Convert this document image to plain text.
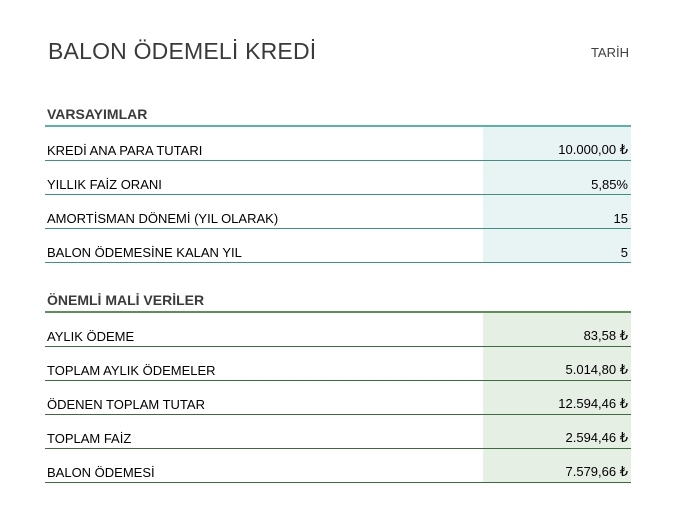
BALON ÖDEMELİ KREDİ	TARİH
VARSAYIMLAR
KREDİ ANA PARA TUTARI	10.000,00 ₺
YILLIK FAİZ ORANI	5,85%
AMORTİSMAN DÖNEMİ (YIL OLARAK)	15
BALON ÖDEMESİNE KALAN YIL	5
ÖNEMLİ MALİ VERİLER
AYLIK ÖDEME	83,58 ₺
TOPLAM AYLIK ÖDEMELER	5.014,80 ₺
ÖDENEN TOPLAM TUTAR	12.594,46 ₺
TOPLAM FAİZ	2.594,46 ₺
BALON ÖDEMESİ	7.579,66 ₺
